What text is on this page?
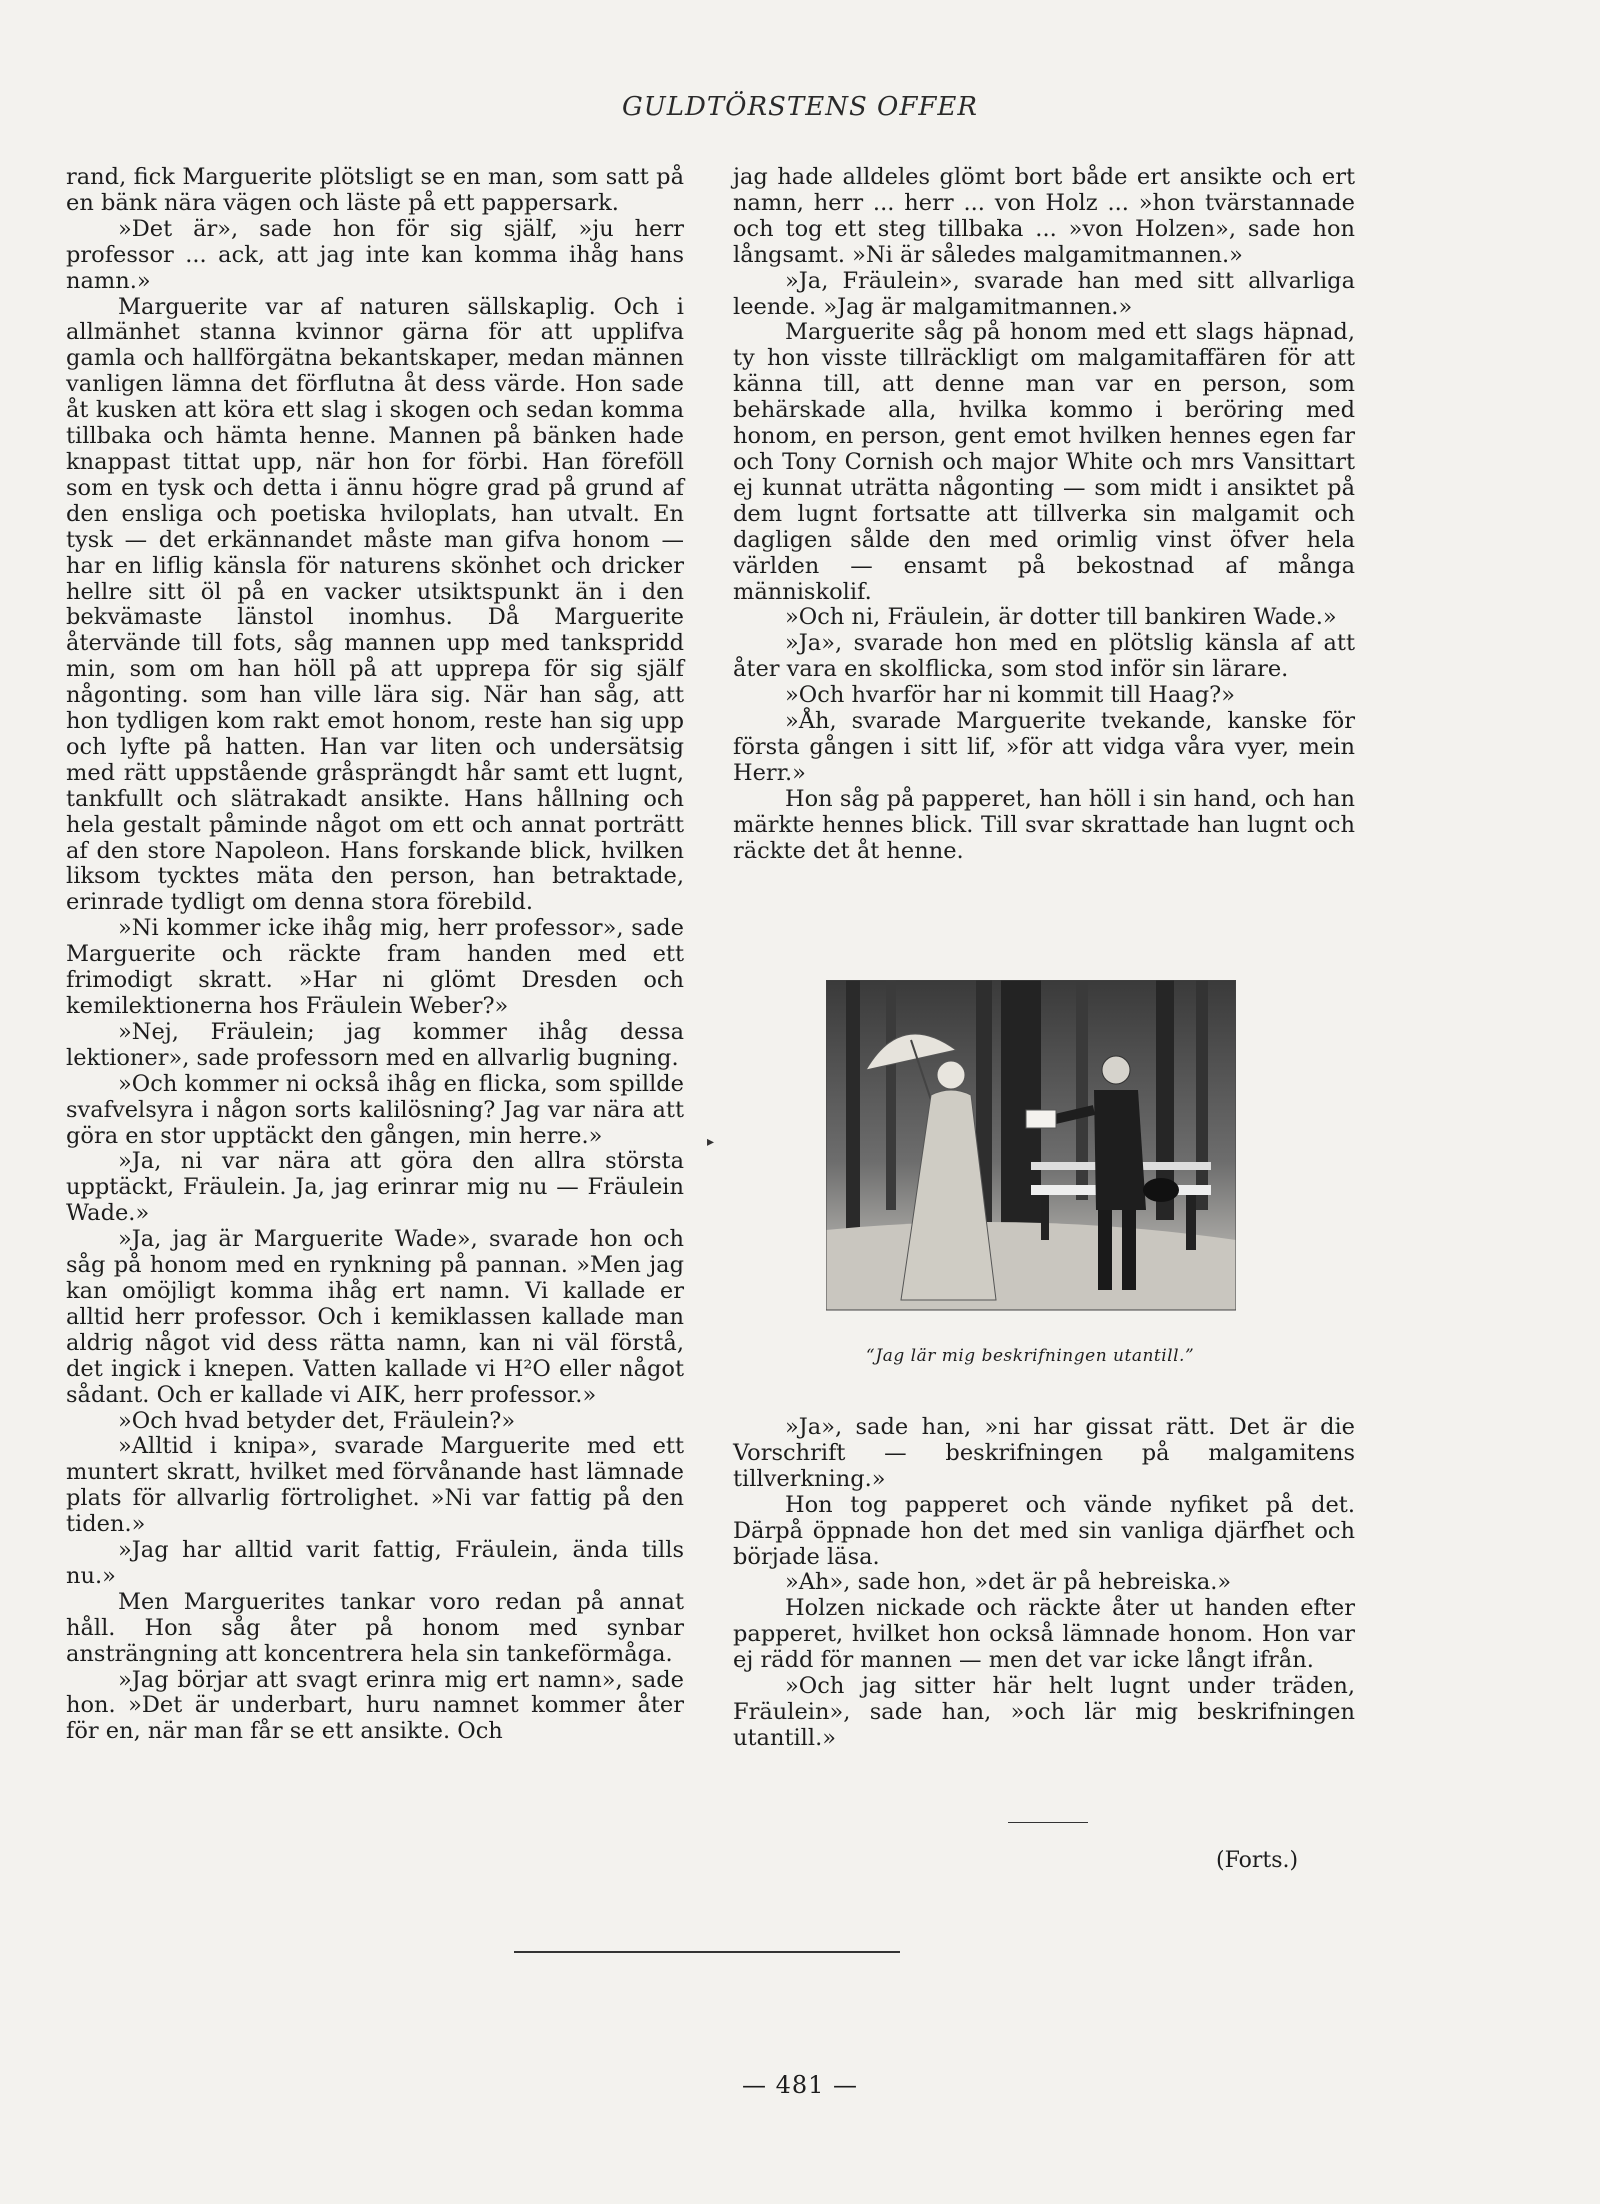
GULDTÖRSTENS OFFER

rand, fick Marguerite plötsligt se en man, som satt på en bänk nära vägen och läste på ett pappersark.

»Det är», sade hon för sig själf, »ju herr professor ... ack, att jag inte kan komma ihåg hans namn.»

Marguerite var af naturen sällskaplig. Och i allmänhet stanna kvinnor gärna för att upplifva gamla och hallförgätna bekantskaper, medan männen vanligen lämna det förflutna åt dess värde. Hon sade åt kusken att köra ett slag i skogen och sedan komma tillbaka och hämta henne. Mannen på bänken hade knappast tittat upp, när hon for förbi. Han föreföll som en tysk och detta i ännu högre grad på grund af den ensliga och poetiska hviloplats, han utvalt. En tysk — det erkännandet måste man gifva honom — har en liflig känsla för naturens skönhet och dricker hellre sitt öl på en vacker utsiktspunkt än i den bekvämaste länstol inomhus. Då Marguerite återvände till fots, såg mannen upp med tankspridd min, som om han höll på att upprepa för sig själf någonting. som han ville lära sig. När han såg, att hon tydligen kom rakt emot honom, reste han sig upp och lyfte på hatten. Han var liten och undersätsig med rätt uppstående gråsprängdt hår samt ett lugnt, tankfullt och slätrakadt ansikte. Hans hållning och hela gestalt påminde något om ett och annat porträtt af den store Napoleon. Hans forskande blick, hvilken liksom tycktes mäta den person, han betraktade, erinrade tydligt om denna stora förebild.

»Ni kommer icke ihåg mig, herr professor», sade Marguerite och räckte fram handen med ett frimodigt skratt. »Har ni glömt Dresden och kemilektionerna hos Fräulein Weber?»

»Nej, Fräulein; jag kommer ihåg dessa lektioner», sade professorn med en allvarlig bugning.

»Och kommer ni också ihåg en flicka, som spillde svafvelsyra i någon sorts kalilösning? Jag var nära att göra en stor upptäckt den gången, min herre.»

»Ja, ni var nära att göra den allra största upptäckt, Fräulein. Ja, jag erinrar mig nu — Fräulein Wade.»

»Ja, jag är Marguerite Wade», svarade hon och såg på honom med en rynkning på pannan. »Men jag kan omöjligt komma ihåg ert namn. Vi kallade er alltid herr professor. Och i kemiklassen kallade man aldrig något vid dess rätta namn, kan ni väl förstå, det ingick i knepen. Vatten kallade vi H²O eller något sådant. Och er kallade vi AIK, herr professor.»

»Och hvad betyder det, Fräulein?»

»Alltid i knipa», svarade Marguerite med ett muntert skratt, hvilket med förvånande hast lämnade plats för allvarlig förtrolighet. »Ni var fattig på den tiden.»

»Jag har alltid varit fattig, Fräulein, ända tills nu.»

Men Marguerites tankar voro redan på annat håll. Hon såg åter på honom med synbar ansträngning att koncentrera hela sin tankeförmåga.

»Jag börjar att svagt erinra mig ert namn», sade hon. »Det är underbart, huru namnet kommer åter för en, när man får se ett ansikte. Och

▸

jag hade alldeles glömt bort både ert ansikte och ert namn, herr ... herr ... von Holz ... »hon tvärstannade och tog ett steg tillbaka ... »von Holzen», sade hon långsamt. »Ni är således malgamitmannen.»

»Ja, Fräulein», svarade han med sitt allvarliga leende. »Jag är malgamitmannen.»

Marguerite såg på honom med ett slags häpnad, ty hon visste tillräckligt om malgamitaffären för att känna till, att denne man var en person, som behärskade alla, hvilka kommo i beröring med honom, en person, gent emot hvilken hennes egen far och Tony Cornish och major White och mrs Vansittart ej kunnat uträtta någonting — som midt i ansiktet på dem lugnt fortsatte att tillverka sin malgamit och dagligen sålde den med orimlig vinst öfver hela världen — ensamt på bekostnad af många människolif.

»Och ni, Fräulein, är dotter till bankiren Wade.»

»Ja», svarade hon med en plötslig känsla af att åter vara en skolflicka, som stod inför sin lärare.

»Och hvarför har ni kommit till Haag?»

»Åh, svarade Marguerite tvekande, kanske för första gången i sitt lif, »för att vidga våra vyer, mein Herr.»

Hon såg på papperet, han höll i sin hand, och han märkte hennes blick. Till svar skrattade han lugnt och räckte det åt henne.

“Jag lär mig beskrifningen utantill.”

»Ja», sade han, »ni har gissat rätt. Det är die Vorschrift — beskrifningen på malgamitens tillverkning.»

Hon tog papperet och vände nyfiket på det. Därpå öppnade hon det med sin vanliga djärfhet och började läsa.

»Ah», sade hon, »det är på hebreiska.»

Holzen nickade och räckte åter ut handen efter papperet, hvilket hon också lämnade honom. Hon var ej rädd för mannen — men det var icke långt ifrån.

»Och jag sitter här helt lugnt under träden, Fräulein», sade han, »och lär mig beskrifningen utantill.»

(Forts.)
— 481 —
